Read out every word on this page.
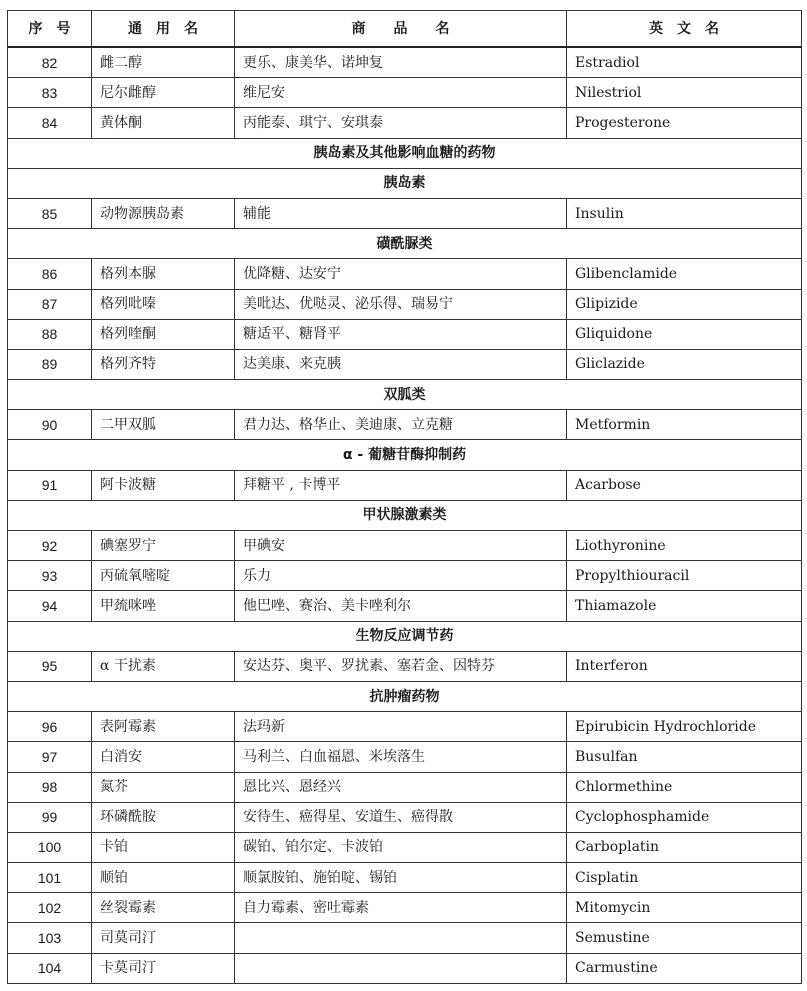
序　号	通　用　名	商　　品　　名	英　文　名
82	雌二醇	更乐、康美华、诺坤复	Estradiol
83	尼尔雌醇	维尼安	Nilestriol
84	黄体酮	丙能泰、琪宁、安琪泰	Progesterone
胰岛素及其他影响血糖的药物			
胰岛素			
85	动物源胰岛素	辅能	Insulin
磺酰脲类			
86	格列本脲	优降糖、达安宁	Glibenclamide
87	格列吡嗪	美吡达、优哒灵、泌乐得、瑞易宁	Glipizide
88	格列喹酮	糖适平、糖肾平	Gliquidone
89	格列齐特	达美康、来克胰	Gliclazide
双胍类			
90	二甲双胍	君力达、格华止、美迪康、立克糖	Metformin
α - 葡糖苷酶抑制药			
91	阿卡波糖	拜糖平 , 卡博平	Acarbose
甲状腺激素类			
92	碘塞罗宁	甲碘安	Liothyronine
93	丙硫氧嘧啶	乐力	Propylthiouracil
94	甲巯咪唑	他巴唑、赛治、美卡唑利尔	Thiamazole
生物反应调节药			
95	α 干扰素	安达芬、奥平、罗扰素、塞若金、因特芬	Interferon
抗肿瘤药物			
96	表阿霉素	法玛新	Epirubicin Hydrochloride
97	白消安	马利兰、白血福恩、米埃落生	Busulfan
98	氮芥	恩比兴、恩经兴	Chlormethine
99	环磷酰胺	安待生、癌得星、安道生、癌得散	Cyclophosphamide
100	卡铂	碳铂、铂尔定、卡波铂	Carboplatin
101	顺铂	顺氯胺铂、施铂啶、锡铂	Cisplatin
102	丝裂霉素	自力霉素、密吐霉素	Mitomycin
103	司莫司汀		Semustine
104	卡莫司汀		Carmustine
